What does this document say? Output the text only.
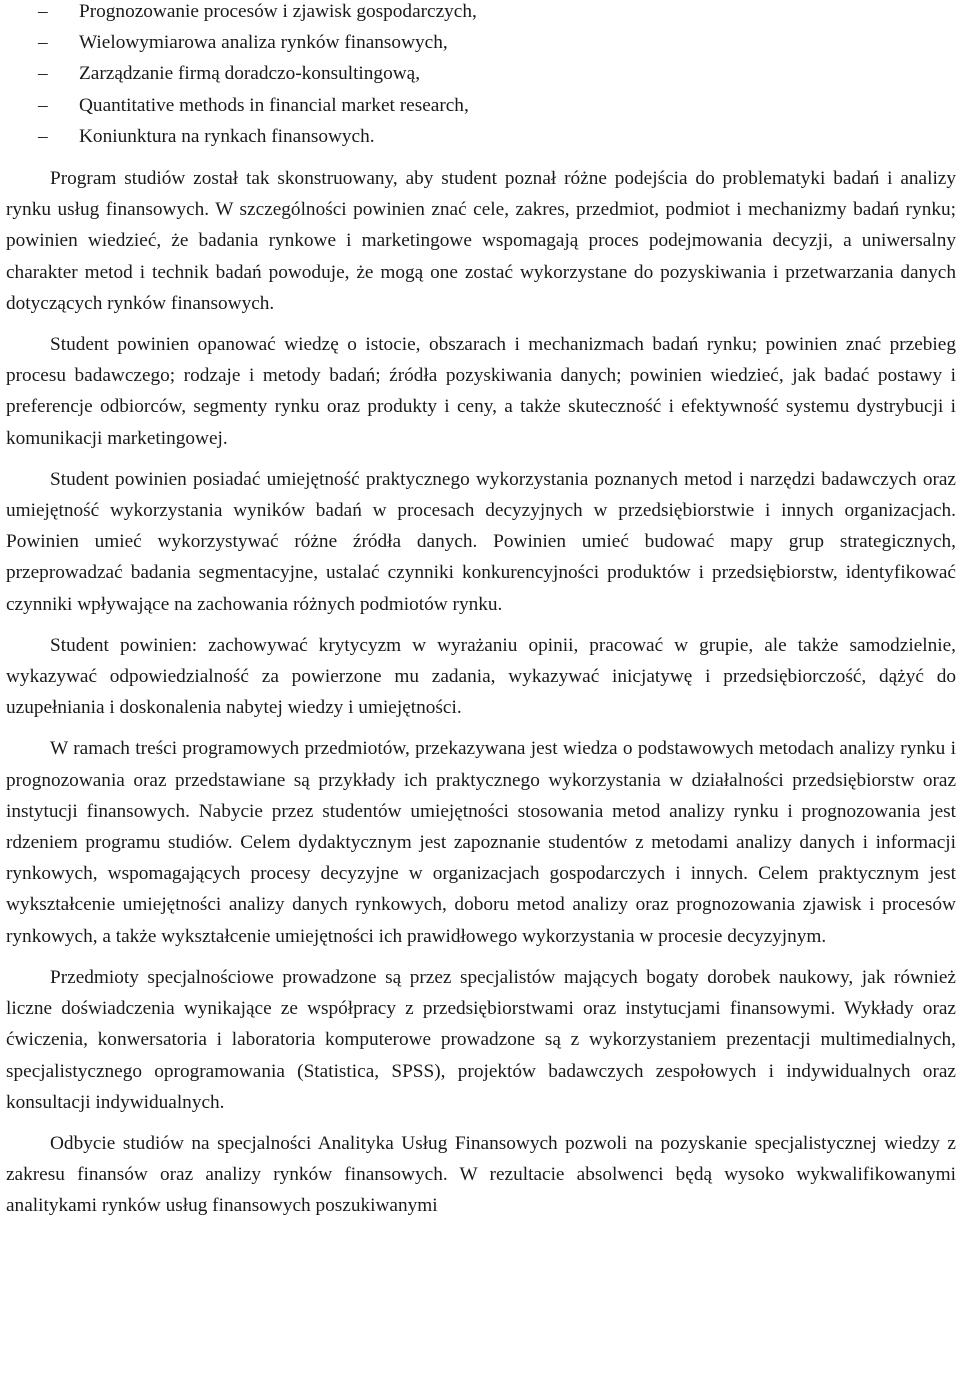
– Prognozowanie procesów i zjawisk gospodarczych,
– Wielowymiarowa analiza rynków finansowych,
– Zarządzanie firmą doradczo-konsultingową,
– Quantitative methods in financial market research,
– Koniunktura na rynkach finansowych.

Program studiów został tak skonstruowany, aby student poznał różne podejścia do problematyki badań i analizy rynku usług finansowych. W szczególności powinien znać cele, zakres, przedmiot, podmiot i mechanizmy badań rynku; powinien wiedzieć, że badania rynkowe i marketingowe wspomagają proces podejmowania decyzji, a uniwersalny charakter metod i technik badań powoduje, że mogą one zostać wykorzystane do pozyskiwania i przetwarzania danych dotyczących rynków finansowych.

Student powinien opanować wiedzę o istocie, obszarach i mechanizmach badań rynku; powinien znać przebieg procesu badawczego; rodzaje i metody badań; źródła pozyskiwania danych; powinien wiedzieć, jak badać postawy i preferencje odbiorców, segmenty rynku oraz produkty i ceny, a także skuteczność i efektywność systemu dystrybucji i komunikacji marketingowej.

Student powinien posiadać umiejętność praktycznego wykorzystania poznanych metod i narzędzi badawczych oraz umiejętność wykorzystania wyników badań w procesach decyzyjnych w przedsiębiorstwie i innych organizacjach. Powinien umieć wykorzystywać różne źródła danych. Powinien umieć budować mapy grup strategicznych, przeprowadzać badania segmentacyjne, ustalać czynniki konkurencyjności produktów i przedsiębiorstw, identyfikować czynniki wpływające na zachowania różnych podmiotów rynku.

Student powinien: zachowywać krytycyzm w wyrażaniu opinii, pracować w grupie, ale także samodzielnie, wykazywać odpowiedzialność za powierzone mu zadania, wykazywać inicjatywę i przedsiębiorczość, dążyć do uzupełniania i doskonalenia nabytej wiedzy i umiejętności.

W ramach treści programowych przedmiotów, przekazywana jest wiedza o podstawowych metodach analizy rynku i prognozowania oraz przedstawiane są przykłady ich praktycznego wykorzystania w działalności przedsiębiorstw oraz instytucji finansowych. Nabycie przez studentów umiejętności stosowania metod analizy rynku i prognozowania jest rdzeniem programu studiów. Celem dydaktycznym jest zapoznanie studentów z metodami analizy danych i informacji rynkowych, wspomagających procesy decyzyjne w organizacjach gospodarczych i innych. Celem praktycznym jest wykształcenie umiejętności analizy danych rynkowych, doboru metod analizy oraz prognozowania zjawisk i procesów rynkowych, a także wykształcenie umiejętności ich prawidłowego wykorzystania w procesie decyzyjnym.

Przedmioty specjalnościowe prowadzone są przez specjalistów mających bogaty dorobek naukowy, jak również liczne doświadczenia wynikające ze współpracy z przedsiębiorstwami oraz instytucjami finansowymi. Wykłady oraz ćwiczenia, konwersatoria i laboratoria komputerowe prowadzone są z wykorzystaniem prezentacji multimedialnych, specjalistycznego oprogramowania (Statistica, SPSS), projektów badawczych zespołowych i indywidualnych oraz konsultacji indywidualnych.

Odbycie studiów na specjalności Analityka Usług Finansowych pozwoli na pozyskanie specjalistycznej wiedzy z zakresu finansów oraz analizy rynków finansowych. W rezultacie absolwenci będą wysoko wykwalifikowanymi analitykami rynków usług finansowych poszukiwanymi
